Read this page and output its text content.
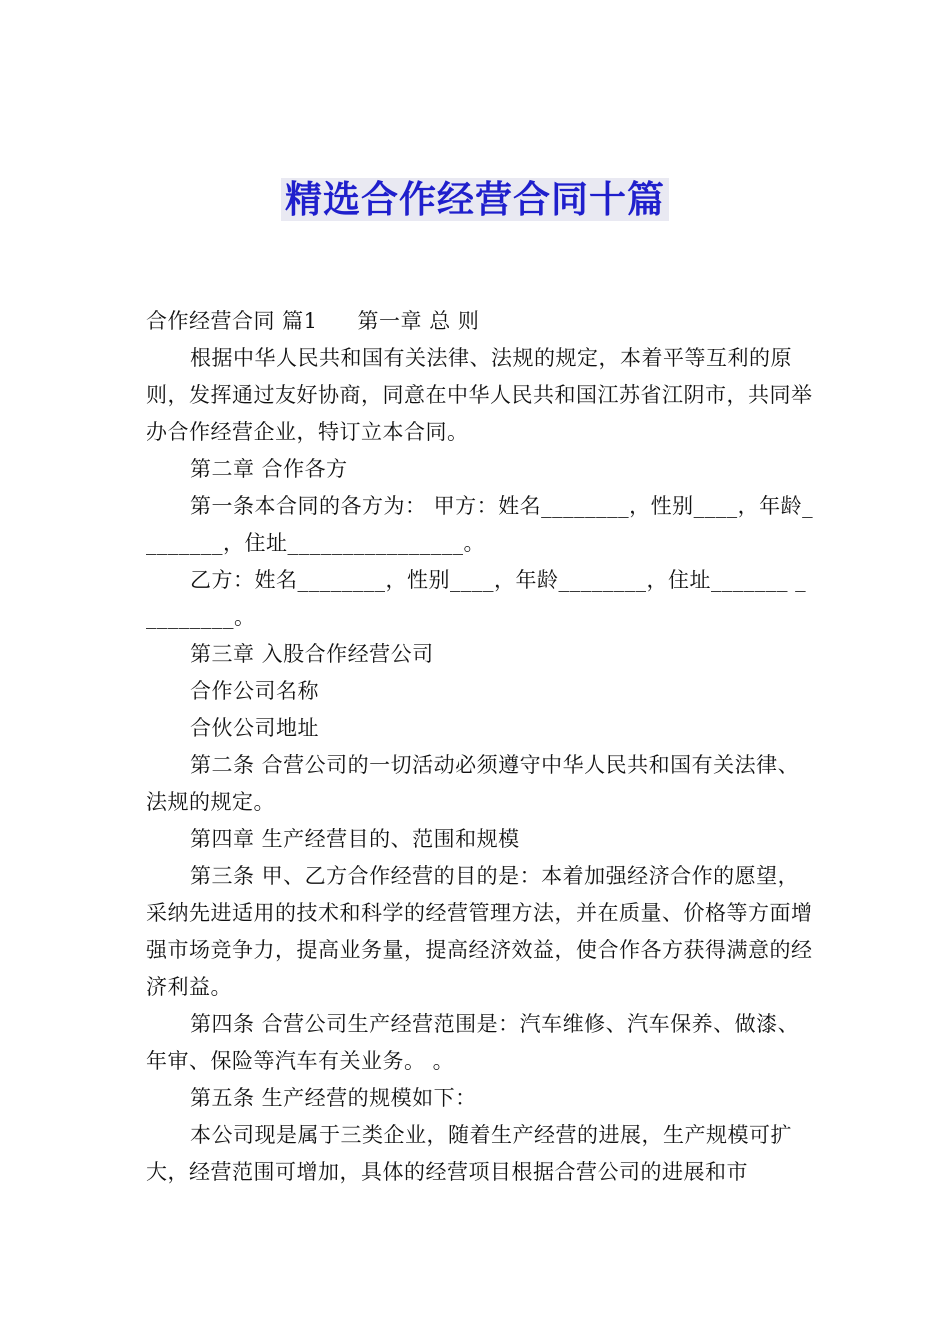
精选合作经营合同十篇

合作经营合同 篇1 第一章 总 则

根据中华人民共和国有关法律、法规的规定，本着平等互利的原则，发挥通过友好协商，同意在中华人民共和国江苏省江阴市，共同举办合作经营企业，特订立本合同。

第二章 合作各方

第一条本合同的各方为： 甲方：姓名________，性别____，年龄________，住址________________。

乙方：姓名________，性别____，年龄________，住址_______ _________。

第三章 入股合作经营公司

合作公司名称

合伙公司地址

第二条 合营公司的一切活动必须遵守中华人民共和国有关法律、法规的规定。

第四章 生产经营目的、范围和规模

第三条 甲、乙方合作经营的目的是：本着加强经济合作的愿望，采纳先进适用的技术和科学的经营管理方法，并在质量、价格等方面增强市场竞争力，提高业务量，提高经济效益，使合作各方获得满意的经济利益。

第四条 合营公司生产经营范围是：汽车维修、汽车保养、做漆、年审、保险等汽车有关业务。 。

第五条 生产经营的规模如下：

本公司现是属于三类企业，随着生产经营的进展，生产规模可扩大，经营范围可增加，具体的经营项目根据合营公司的进展和市
